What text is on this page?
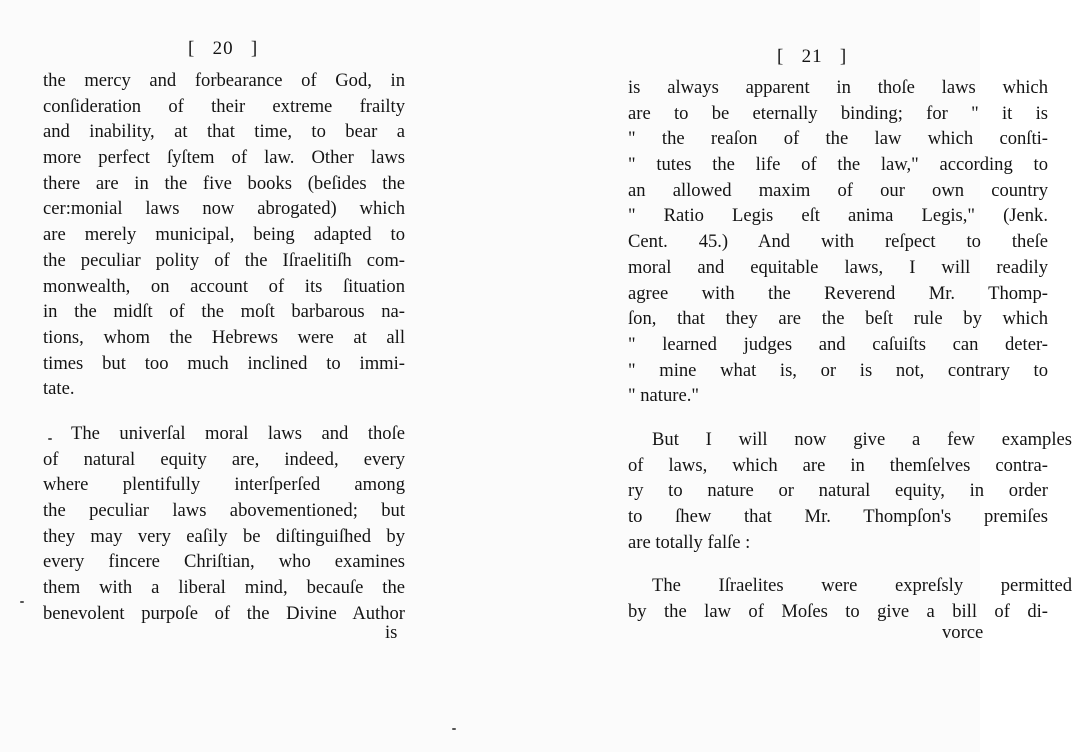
[   20   ]
the mercy and forbearance of God, in
conſideration of their extreme frailty
and inability, at that time, to bear a
more perfect ſyſtem of law. Other laws
there are in the five books (beſides the
cer:monial laws now abrogated) which
are merely municipal, being adapted to
the peculiar polity of the Iſraelitiſh com-
monwealth, on account of its ſituation
in the midſt of the moſt barbarous na-
tions, whom the Hebrews were at all
times but too much inclined to immi-
tate.
The univerſal moral laws and thoſe
of natural equity are, indeed, every
where plentifully interſperſed among
the peculiar laws abovementioned; but
they may very eaſily be diſtinguiſhed by
every fincere Chriſtian, who examines
them with a liberal mind, becauſe the
benevolent purpoſe of the Divine Author
is
[   21   ]
is always apparent in thoſe laws which
are to be eternally binding; for " it is
" the reaſon of the law which conſti-
" tutes the life of the law," according to
an allowed maxim of our own country
" Ratio Legis eſt anima Legis," (Jenk.
Cent. 45.) And with reſpect to theſe
moral and equitable laws, I will readily
agree with the Reverend Mr. Thomp-
ſon, that they are the beſt rule by which
" learned judges and caſuiſts can deter-
" mine what is, or is not, contrary to
" nature."
But I will now give a few examples
of laws, which are in themſelves contra-
ry to nature or natural equity, in order
to ſhew that Mr. Thompſon's premiſes
are totally falſe :
The Iſraelites were expreſsly permitted
by the law of Moſes to give a bill of di-
vorce
